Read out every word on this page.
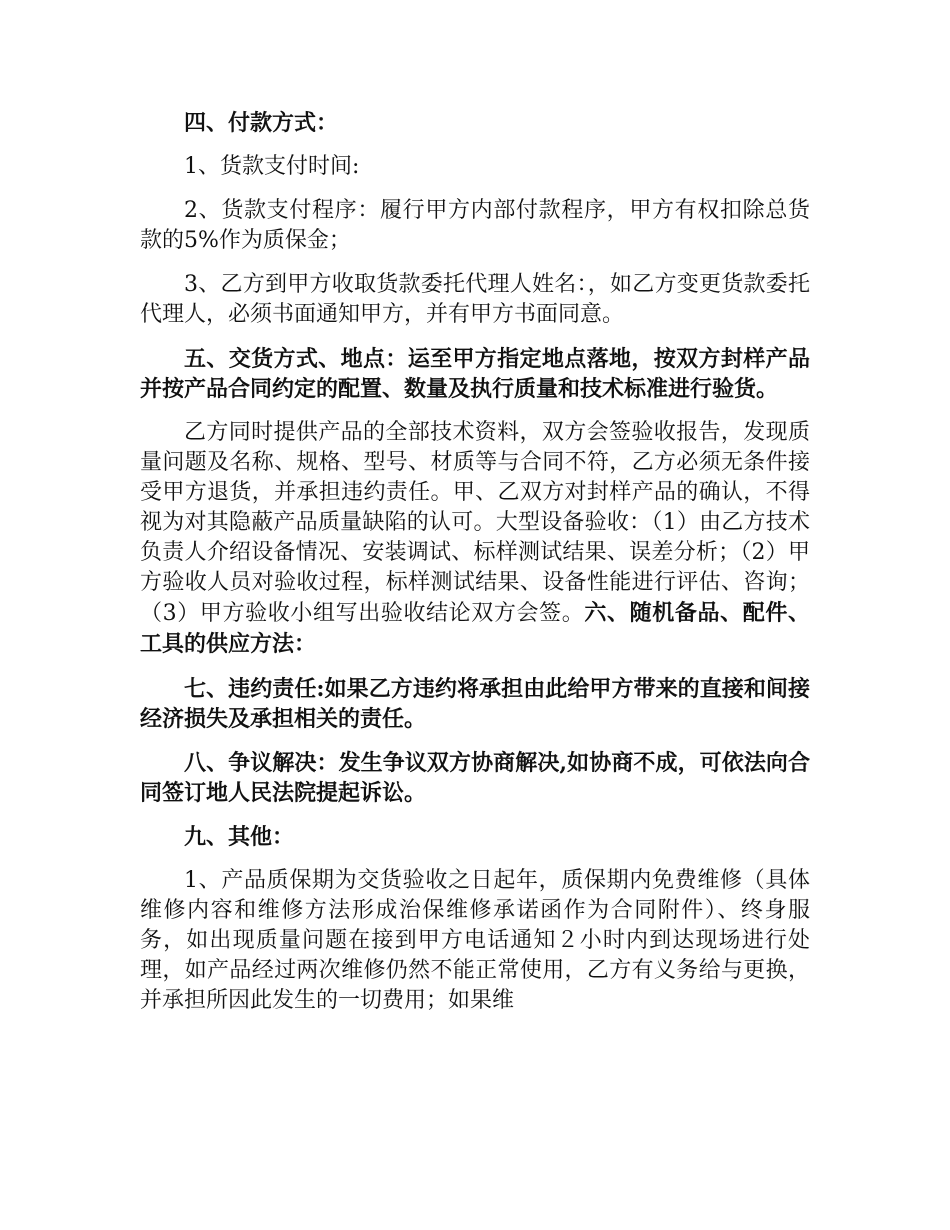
四、付款方式：

1、货款支付时间:

2、货款支付程序：履行甲方内部付款程序，甲方有权扣除总货款的5%作为质保金；

3、乙方到甲方收取货款委托代理人姓名：，如乙方变更货款委托代理人，必须书面通知甲方，并有甲方书面同意。

五、交货方式、地点：运至甲方指定地点落地，按双方封样产品并按产品合同约定的配置、数量及执行质量和技术标准进行验货。

乙方同时提供产品的全部技术资料，双方会签验收报告，发现质量问题及名称、规格、型号、材质等与合同不符，乙方必须无条件接受甲方退货，并承担违约责任。甲、乙双方对封样产品的确认，不得视为对其隐蔽产品质量缺陷的认可。大型设备验收：（1）由乙方技术负责人介绍设备情况、安装调试、标样测试结果、误差分析；（2）甲方验收人员对验收过程，标样测试结果、设备性能进行评估、咨询；（3）甲方验收小组写出验收结论双方会签。六、随机备品、配件、工具的供应方法：

七、违约责任:如果乙方违约将承担由此给甲方带来的直接和间接经济损失及承担相关的责任。

八、争议解决：发生争议双方协商解决,如协商不成，可依法向合同签订地人民法院提起诉讼。

九、其他：

1、产品质保期为交货验收之日起年，质保期内免费维修（具体维修内容和维修方法形成治保维修承诺函作为合同附件）、终身服务，如出现质量问题在接到甲方电话通知２小时内到达现场进行处理，如产品经过两次维修仍然不能正常使用，乙方有义务给与更换，并承担所因此发生的一切费用；如果维
